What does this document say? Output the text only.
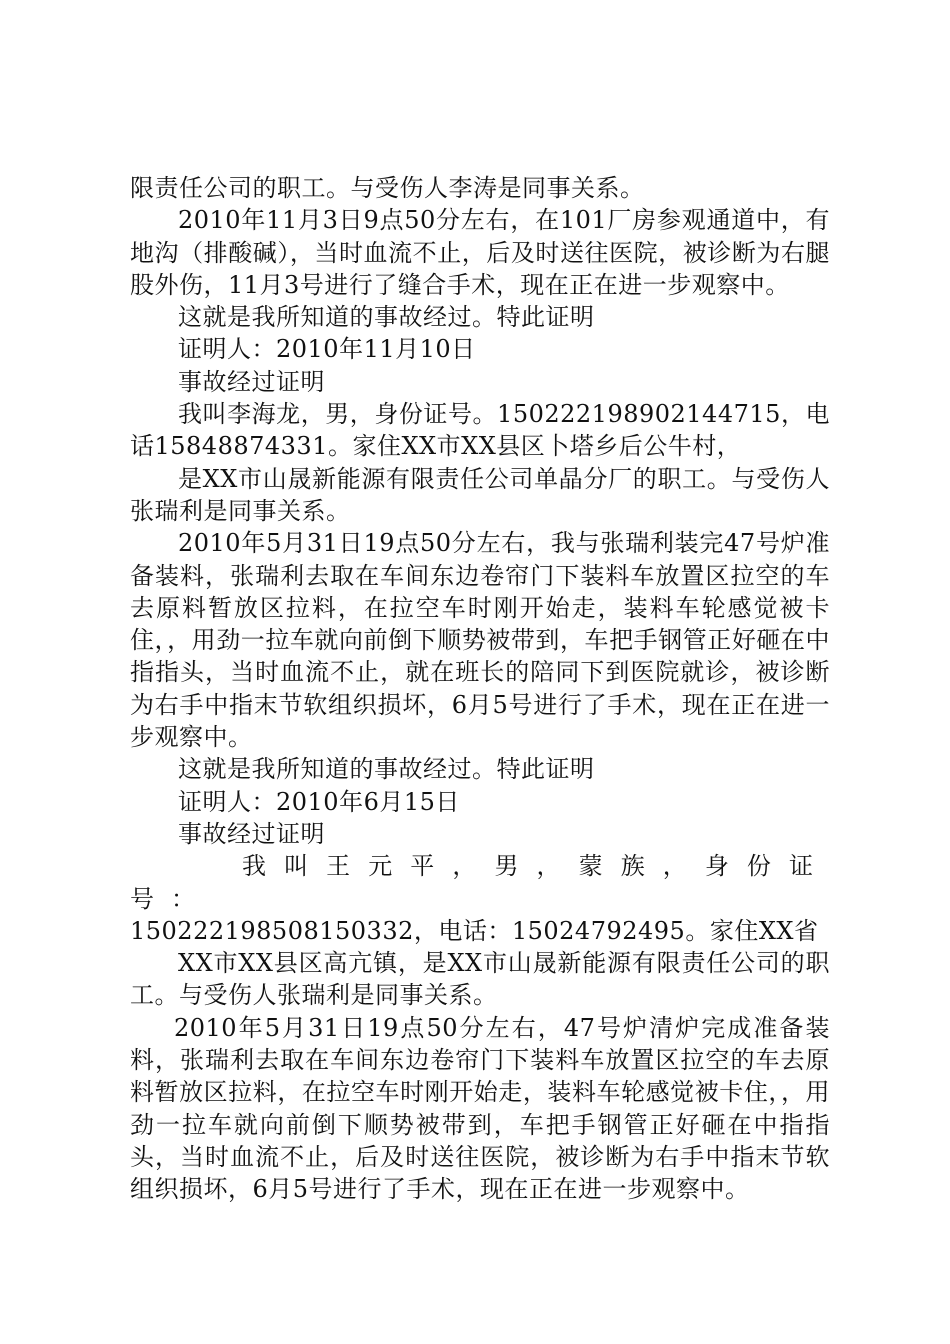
限责任公司的职工。与受伤人李涛是同事关系。

2010年11月3日9点50分左右，在101厂房参观通道中，有地沟（排酸碱），当时血流不止，后及时送往医院，被诊断为右腿股外伤，11月3号进行了缝合手术，现在正在进一步观察中。

这就是我所知道的事故经过。特此证明

证明人：2010年11月10日

事故经过证明

我叫李海龙，男，身份证号。150222198902144715，电话15848874331。家住XX市XX县区卜塔乡后公牛村，

是XX市山晟新能源有限责任公司单晶分厂的职工。与受伤人张瑞利是同事关系。

2010年5月31日19点50分左右，我与张瑞利装完47号炉准备装料，张瑞利去取在车间东边卷帘门下装料车放置区拉空的车去原料暂放区拉料，在拉空车时刚开始走，装料车轮感觉被卡住，，用劲一拉车就向前倒下顺势被带到，车把手钢管正好砸在中指指头，当时血流不止，就在班长的陪同下到医院就诊，被诊断为右手中指末节软组织损坏，6月5号进行了手术，现在正在进一步观察中。

这就是我所知道的事故经过。特此证明

证明人：2010年6月15日

事故经过证明

我叫王元平，男，蒙族，身份证号：

150222198508150332，电话：15024792495。家住XX省

XX市XX县区高亢镇，是XX市山晟新能源有限责任公司的职工。与受伤人张瑞利是同事关系。

2010年5月31日19点50分左右，47号炉清炉完成准备装料，张瑞利去取在车间东边卷帘门下装料车放置区拉空的车去原料暂放区拉料，在拉空车时刚开始走，装料车轮感觉被卡住，，用劲一拉车就向前倒下顺势被带到，车把手钢管正好砸在中指指头，当时血流不止，后及时送往医院，被诊断为右手中指末节软组织损坏，6月5号进行了手术，现在正在进一步观察中。
